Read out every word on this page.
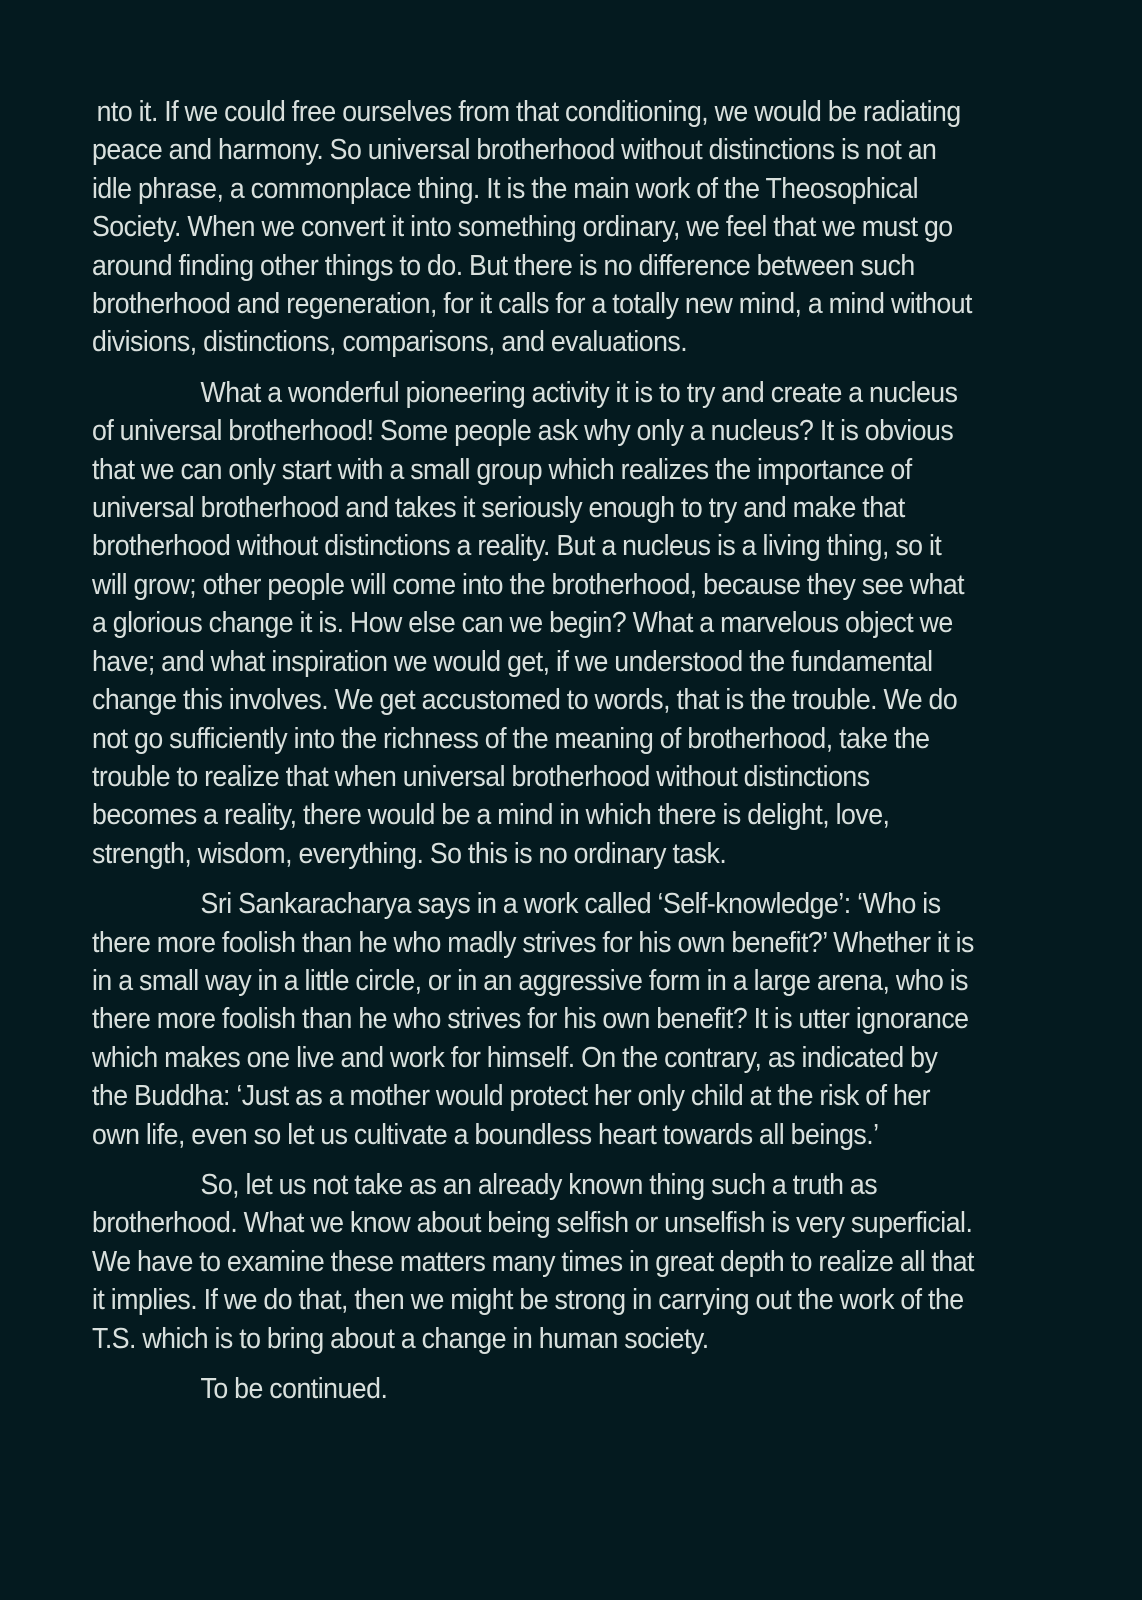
nto it. If we could free ourselves from that conditioning, we would be radiating
peace and harmony. So universal brotherhood without distinctions is not an
idle phrase, a commonplace thing. It is the main work of the Theosophical
Society. When we convert it into something ordinary, we feel that we must go
around finding other things to do. But there is no difference between such
brotherhood and regeneration, for it calls for a totally new mind, a mind without
divisions, distinctions, comparisons, and evaluations.

What a wonderful pioneering activity it is to try and create a nucleus
of universal brotherhood! Some people ask why only a nucleus? It is obvious
that we can only start with a small group which realizes the importance of
universal brotherhood and takes it seriously enough to try and make that
brotherhood without distinctions a reality. But a nucleus is a living thing, so it
will grow; other people will come into the brotherhood, because they see what
a glorious change it is. How else can we begin? What a marvelous object we
have; and what inspiration we would get, if we understood the fundamental
change this involves. We get accustomed to words, that is the trouble. We do
not go sufficiently into the richness of the meaning of brotherhood, take the
trouble to realize that when universal brotherhood without distinctions
becomes a reality, there would be a mind in which there is delight, love,
strength, wisdom, everything. So this is no ordinary task.

Sri Sankaracharya says in a work called ‘Self-knowledge’: ‘Who is
there more foolish than he who madly strives for his own benefit?’ Whether it is
in a small way in a little circle, or in an aggressive form in a large arena, who is
there more foolish than he who strives for his own benefit? It is utter ignorance
which makes one live and work for himself. On the contrary, as indicated by
the Buddha: ‘Just as a mother would protect her only child at the risk of her
own life, even so let us cultivate a boundless heart towards all beings.’

So, let us not take as an already known thing such a truth as
brotherhood. What we know about being selfish or unselfish is very superficial.
We have to examine these matters many times in great depth to realize all that
it implies. If we do that, then we might be strong in carrying out the work of the
T.S. which is to bring about a change in human society.

To be continued.
